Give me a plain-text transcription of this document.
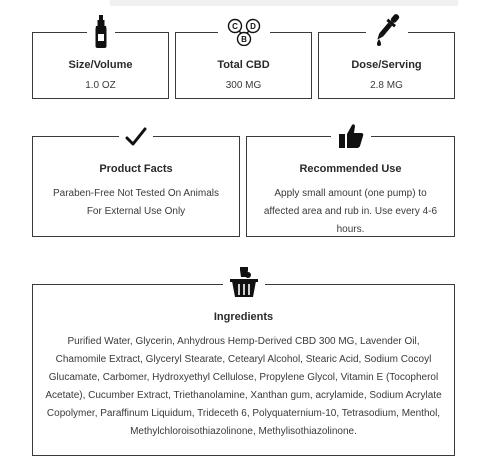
Size/Volume
1.0 OZ
C
B
D
Total CBD
300 MG
Dose/Serving
2.8 MG
Product Facts
Paraben-Free Not Tested On Animals For External Use Only
Recommended Use
Apply small amount (one pump) to affected area and rub in. Use every 4-6 hours.
Ingredients
Purified Water, Glycerin, Anhydrous Hemp-Derived CBD 300 MG, Lavender Oil, Chamomile Extract, Glyceryl Stearate, Cetearyl Alcohol, Stearic Acid, Sodium Cocoyl Glucamate, Carbomer, Hydroxyethyl Cellulose, Propylene Glycol, Vitamin E (Tocopherol Acetate), Cucumber Extract, Triethanolamine, Xanthan gum, acrylamide, Sodium Acrylate Copolymer, Paraffinum Liquidum, Trideceth 6, Polyquaternium-10, Tetrasodium, Menthol, Methylchloroisothiazolinone, Methylisothiazolinone.
